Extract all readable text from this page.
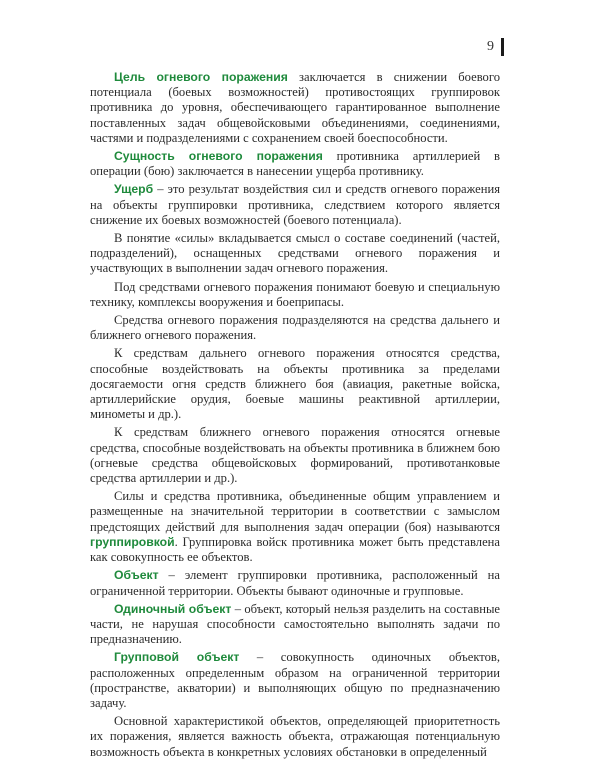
9

Цель огневого поражения заключается в снижении боевого потенциала (боевых возможностей) противостоящих группировок противника до уровня, обеспечивающего гарантированное выполнение поставленных задач общевойсковыми объединениями, соединениями, частями и подразделениями с сохранением своей боеспособности.

Сущность огневого поражения противника артиллерией в операции (бою) заключается в нанесении ущерба противнику.

Ущерб – это результат воздействия сил и средств огневого поражения на объекты группировки противника, следствием которого является снижение их боевых возможностей (боевого потенциала).

В понятие «силы» вкладывается смысл о составе соединений (частей, подразделений), оснащенных средствами огневого поражения и участвующих в выполнении задач огневого поражения.

Под средствами огневого поражения понимают боевую и специальную технику, комплексы вооружения и боеприпасы.

Средства огневого поражения подразделяются на средства дальнего и ближнего огневого поражения.

К средствам дальнего огневого поражения относятся средства, способные воздействовать на объекты противника за пределами досягаемости огня средств ближнего боя (авиация, ракетные войска, артиллерийские орудия, боевые машины реактивной артиллерии, минометы и др.).

К средствам ближнего огневого поражения относятся огневые средства, способные воздействовать на объекты противника в ближнем бою (огневые средства общевойсковых формирований, противотанковые средства артиллерии и др.).

Силы и средства противника, объединенные общим управлением и размещенные на значительной территории в соответствии с замыслом предстоящих действий для выполнения задач операции (боя) называются группировкой. Группировка войск противника может быть представлена как совокупность ее объектов.

Объект – элемент группировки противника, расположенный на ограниченной территории. Объекты бывают одиночные и групповые.

Одиночный объект – объект, который нельзя разделить на составные части, не нарушая способности самостоятельно выполнять задачи по предназначению.

Групповой объект – совокупность одиночных объектов, расположенных определенным образом на ограниченной территории (пространстве, акватории) и выполняющих общую по предназначению задачу.

Основной характеристикой объектов, определяющей приоритетность их поражения, является важность объекта, отражающая потенциальную возможность объекта в конкретных условиях обстановки в определенный
